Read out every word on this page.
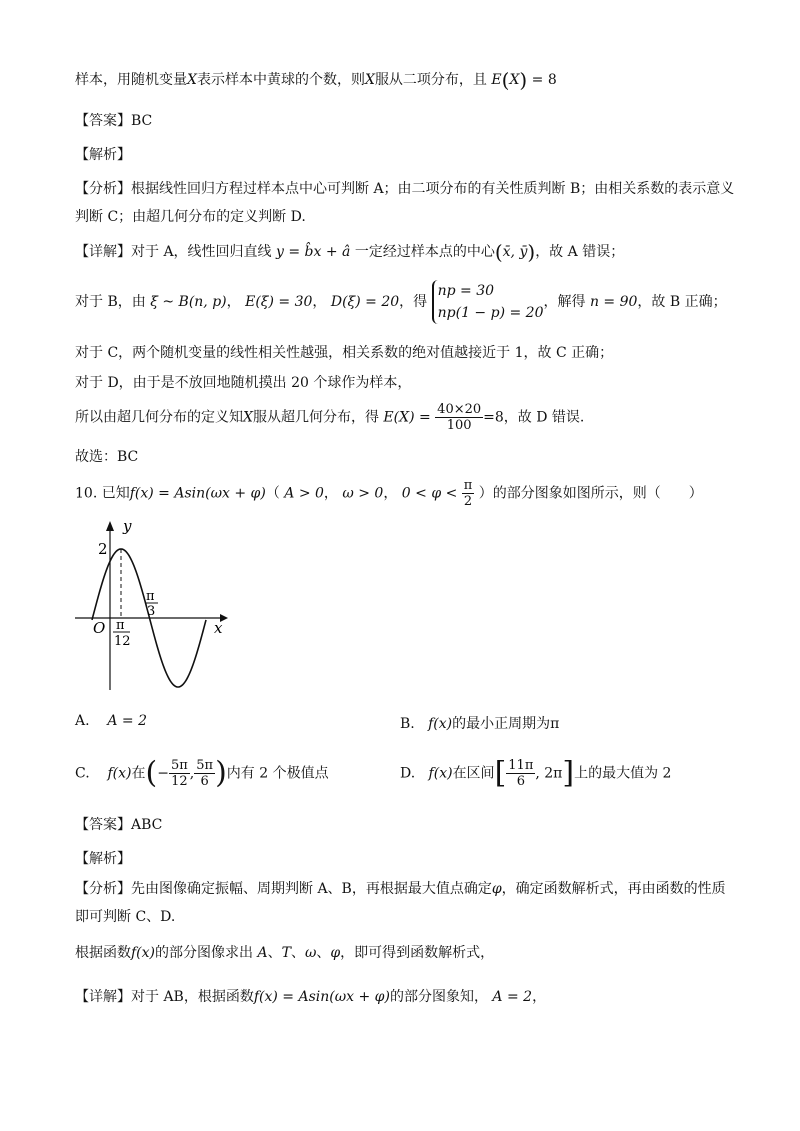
样本，用随机变量X表示样本中黄球的个数，则X服从二项分布，且 E(X) = 8
【答案】BC
【解析】
【分析】根据线性回归方程过样本点中心可判断 A；由二项分布的有关性质判断 B；由相关系数的表示意义
判断 C；由超几何分布的定义判断 D.
【详解】对于 A，线性回归直线 y = b̂x + â 一定经过样本点的中心(x̄, ȳ)，故 A 错误；
对于 B，由 ξ ~ B(n, p)， E(ξ) = 30， D(ξ) = 20，得 np = 30
np(1 − p) = 20，解得 n = 90，故 B 正确；
对于 C，两个随机变量的线性相关性越强，相关系数的绝对值越接近于 1，故 C 正确；
对于 D，由于是不放回地随机摸出 20 个球作为样本，
所以由超几何分布的定义知X服从超几何分布，得 $E(X) = \frac{40\times 20}{100} =8$，故 D 错误.
故选：BC
10. 已知f(x) = Asin(ωx + φ)（ A > 0， ω > 0， $0 < \varphi < \frac{\pi}{2}$ ）的部分图象如图所示，则（　　）
y
x
O
2
π
3
π
12
A. A = 2	B. f(x)的最小正周期为π
C. f(x)在(− $\frac{5\pi}{12}$ , $\frac{5\pi}{6}$ )内有 2 个极值点	D. f(x)在区间[ $\frac{11\pi}{6}$ , 2π]上的最大值为 2
【答案】ABC
【解析】
【分析】先由图像确定振幅、周期判断 A、B，再根据最大值点确定φ，确定函数解析式，再由函数的性质
即可判断 C、D.
根据函数f(x)的部分图像求出 A、T、ω、φ，即可得到函数解析式，
【详解】对于 AB，根据函数f(x) = Asin(ωx + φ)的部分图象知， A = 2，
